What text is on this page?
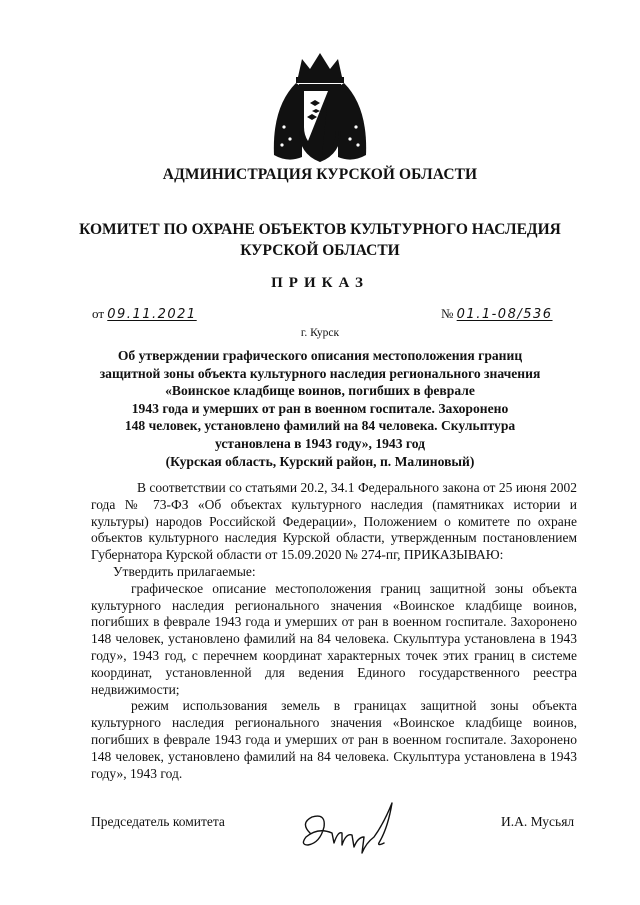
АДМИНИСТРАЦИЯ КУРСКОЙ ОБЛАСТИ
КОМИТЕТ ПО ОХРАНЕ ОБЪЕКТОВ КУЛЬТУРНОГО НАСЛЕДИЯ
КУРСКОЙ ОБЛАСТИ
ПРИКАЗ
от 09.11.2021	№ 01.1-08/536
г. Курск
Об утверждении графического описания местоположения границ
защитной зоны объекта культурного наследия регионального значения
«Воинское кладбище воинов, погибших в феврале
1943 года и умерших от ран в военном госпитале. Захоронено
148 человек, установлено фамилий на 84 человека. Скульптура
установлена в 1943 году», 1943 год
(Курская область, Курский район, п. Малиновый)

В соответствии со статьями 20.2, 34.1 Федерального закона от 25 июня 2002 года № 73-ФЗ «Об объектах культурного наследия (памятниках истории и культуры) народов Российской Федерации», Положением о комитете по охране объектов культурного наследия Курской области, утвержденным постановлением Губернатора Курской области от 15.09.2020 № 274-пг, ПРИКАЗЫВАЮ:

Утвердить прилагаемые:

графическое описание местоположения границ защитной зоны объекта культурного наследия регионального значения «Воинское кладбище воинов, погибших в феврале 1943 года и умерших от ран в военном госпитале. Захоронено 148 человек, установлено фамилий на 84 человека. Скульптура установлена в 1943 году», 1943 год, с перечнем координат характерных точек этих границ в системе координат, установленной для ведения Единого государственного реестра недвижимости;

режим использования земель в границах защитной зоны объекта культурного наследия регионального значения «Воинское кладбище воинов, погибших в феврале 1943 года и умерших от ран в военном госпитале. Захоронено 148 человек, установлено фамилий на 84 человека. Скульптура установлена в 1943 году», 1943 год.

Председатель комитета	И.А. Мусьял
